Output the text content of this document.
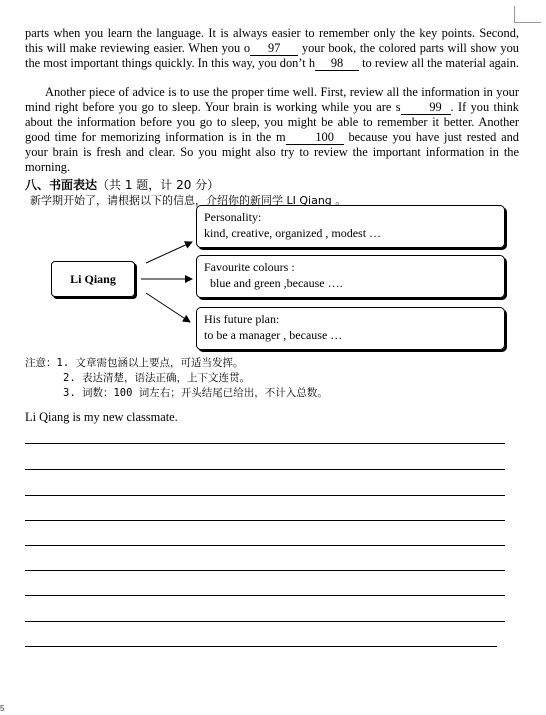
parts when you learn the language. It is always easier to remember only the key points. Second, this will make reviewing easier. When you o 97 your book, the colored parts will show you the most important things quickly. In this way, you don’t h 98 to review all the material again.

Another piece of advice is to use the proper time well. First, review all the information in your mind right before you go to sleep. Your brain is working while you are s 99 . If you think about the information before you go to sleep, you might be able to remember it better. Another good time for memorizing information is in the m 100 because you have just rested and your brain is fresh and clear. So you might also try to review the important information in the morning.

八、书面表达（共 1 题，计 20 分）
新学期开始了，请根据以下的信息，介绍你的新同学 LI Qiang 。
Li Qiang
Personality:
kind, creative, organized , modest …
Favourite colours :
blue and green ,because ….
His future plan:
to be a manager , because …
注意：1. 文章需包涵以上要点，可适当发挥。
2. 表达清楚，语法正确，上下文连贯。
3. 词数：100 词左右；开头结尾已给出，不计入总数。
Li Qiang is my new classmate.
5
